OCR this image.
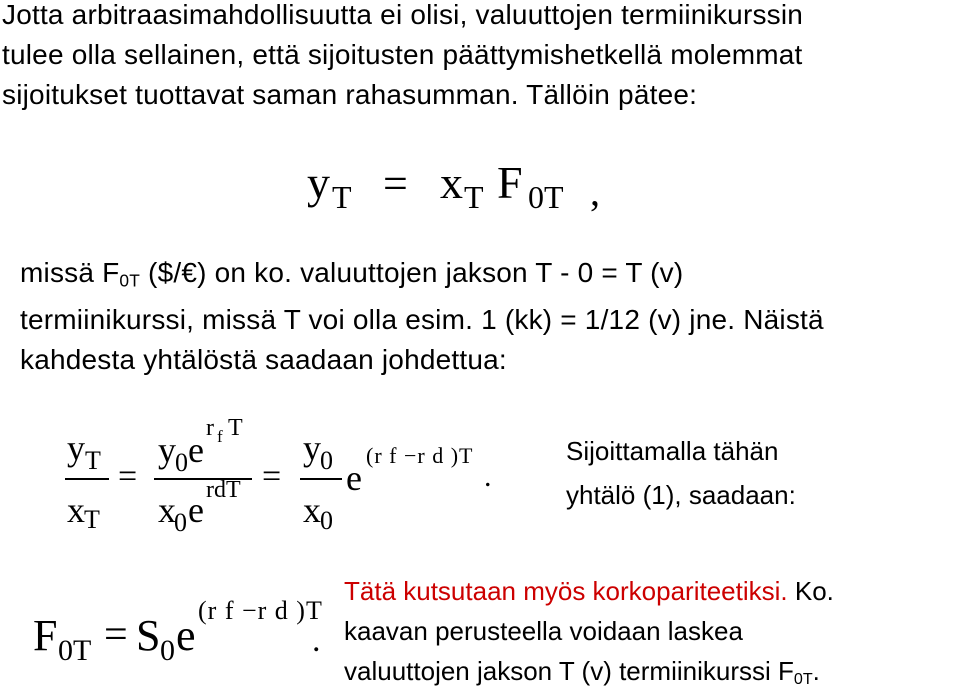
Jotta arbitraasimahdollisuutta ei olisi, valuuttojen termiinikurssin
tulee olla sellainen, että sijoitusten päättymishetkellä molemmat
sijoitukset tuottavat saman rahasumman. Tällöin pätee:
y T = x T F 0T ,
missä $F_{0T}$ ($/€) on ko. valuuttojen jakson T - 0 = T (v)
termiinikurssi, missä T voi olla esim. 1 (kk) = 1/12 (v) jne. Näistä
kahdesta yhtälöstä saadaan johdettua:
y T
x T
=
y 0 e
r f T
x
0 e rdT =
y 0
x 0
e
(r f −r d )T
.
Sijoittamalla tähän
yhtälö (1), saadaan:
F 0T = S 0 e
(r f −r d )T
.
Tätä kutsutaan myös korkopariteetiksi. Ko.
kaavan perusteella voidaan laskea
valuuttojen jakson T (v) termiinikurssi $F_{0T}$.
